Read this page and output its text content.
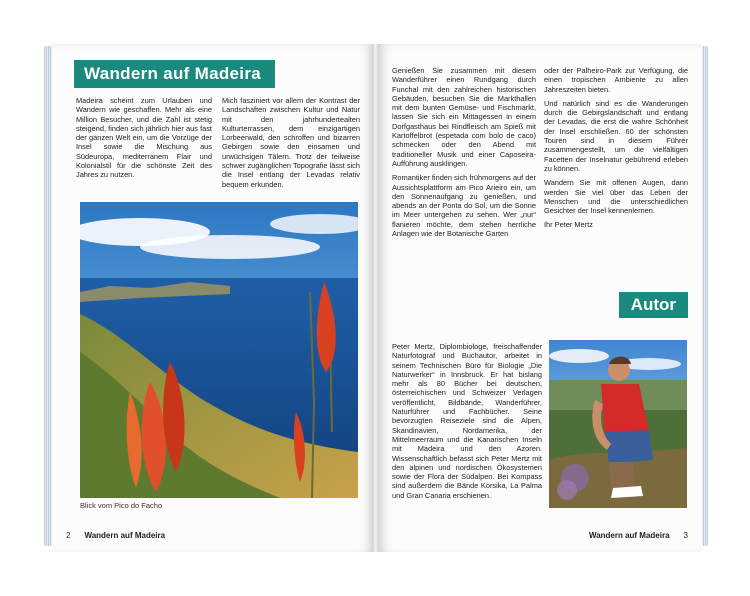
Wandern auf Madeira

Madeira scheint zum Urlauben und Wandern wie geschaffen. Mehr als eine Million Besucher, und die Zahl ist stetig steigend, finden sich jährlich hier aus fast der ganzen Welt ein, um die Vorzüge der Insel sowie die Mischung aus Südeuropa, mediterranem Flair und Kolonialstil für die schönste Zeit des Jahres zu nutzen.

Mich fasziniert vor allem der Kontrast der Landschaften zwischen Kultur und Natur mit den jahrhundertealten Kulturterrassen, dem einzigartigen Lorbeerwald, den schroffen und bizarren Gebirgen sowie den einsamen und urwüchsigen Tälern. Trotz der teilweise schwer zugänglichen Topografie lässt sich die Insel entlang der Levadas relativ bequem erkunden.

Blick vom Pico do Facho
2 Wandern auf Madeira

Genießen Sie zusammen mit diesem Wanderführer einen Rundgang durch Funchal mit den zahlreichen historischen Gebäuden, besuchen Sie die Markthallen mit dem bunten Gemüse- und Fischmarkt, lassen Sie sich ein Mittagessen in einem Dorfgasthaus bei Rindfleisch am Spieß mit Kartoffelbrot (espetada com bolo de caco) schmecken oder den Abend mit traditioneller Musik und einer Caposeira-Aufführung ausklingen.

Romantiker finden sich frühmorgens auf der Aussichtsplattform am Pico Arieiro ein, um den Sonnenaufgang zu genießen, und abends an der Ponta do Sol, um die Sonne im Meer untergehen zu sehen. Wer „nur“ flanieren möchte, dem stehen herrliche Anlagen wie der Botanische Garten

oder der Palheiro-Park zur Verfügung, die einen tropischen Ambiente zu allen Jahreszeiten bieten.

Und natürlich sind es die Wanderungen durch die Gebirgslandschaft und entlang der Levadas, die erst die wahre Schönheit der Insel erschließen. 60 der schönsten Touren sind in diesem Führer zusammengestellt, um die vielfältigen Facetten der Inselnatur gebührend erleben zu können.

Wandern Sie mit offenen Augen, dann werden Sie viel über das Leben der Menschen und die unterschiedlichen Gesichter der Insel kennenlernen.

Ihr Peter Mertz

Autor

Peter Mertz, Diplombiologe, freischaffender Naturfotograf und Buchautor, arbeitet in seinem Technischen Büro für Biologie „Die Naturwerker“ in Innsbruck. Er hat bislang mehr als 80 Bücher bei deutschen, österreichischen und Schweizer Verlagen veröffentlicht, Bildbände, Wanderführer, Naturführer und Fachbücher. Seine bevorzugten Reiseziele sind die Alpen, Skandinavien, Nordamerika, der Mittelmeerraum und die Kanarischen Inseln mit Madeira und den Azoren. Wissenschaftlich befasst sich Peter Mertz mit den alpinen und nordischen Ökosystemen sowie der Flora der Südalpen. Bei Kompass sind außerdem die Bände Korsika, La Palma und Gran Canaria erschienen.

Wandern auf Madeira 3
